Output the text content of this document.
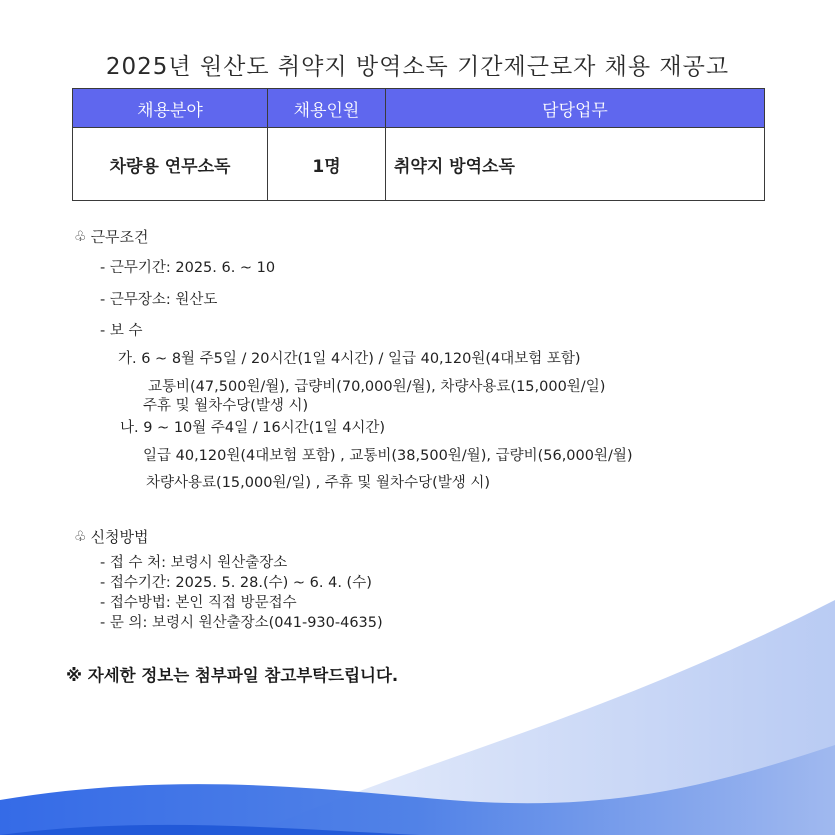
2025년 원산도 취약지 방역소독 기간제근로자 채용 재공고
채용분야	채용인원	담당업무
차량용 연무소독	1명	취약지 방역소독
♧ 근무조건
- 근무기간: 2025. 6. ~ 10
- 근무장소: 원산도
- 보 수
가. 6 ~ 8월 주5일 / 20시간(1일 4시간) / 일급 40,120원(4대보험 포함)
교통비(47,500원/월), 급량비(70,000원/월), 차량사용료(15,000원/일)
주휴 및 월차수당(발생 시)
나. 9 ~ 10월 주4일 / 16시간(1일 4시간)
일급 40,120원(4대보험 포함) , 교통비(38,500원/월), 급량비(56,000원/월)
차량사용료(15,000원/일) , 주휴 및 월차수당(발생 시)
♧ 신청방법
- 접 수 처: 보령시 원산출장소
- 접수기간: 2025. 5. 28.(수) ~ 6. 4. (수)
- 접수방법: 본인 직접 방문접수
- 문 의: 보령시 원산출장소(041-930-4635)
※ 자세한 정보는 첨부파일 참고부탁드립니다.
